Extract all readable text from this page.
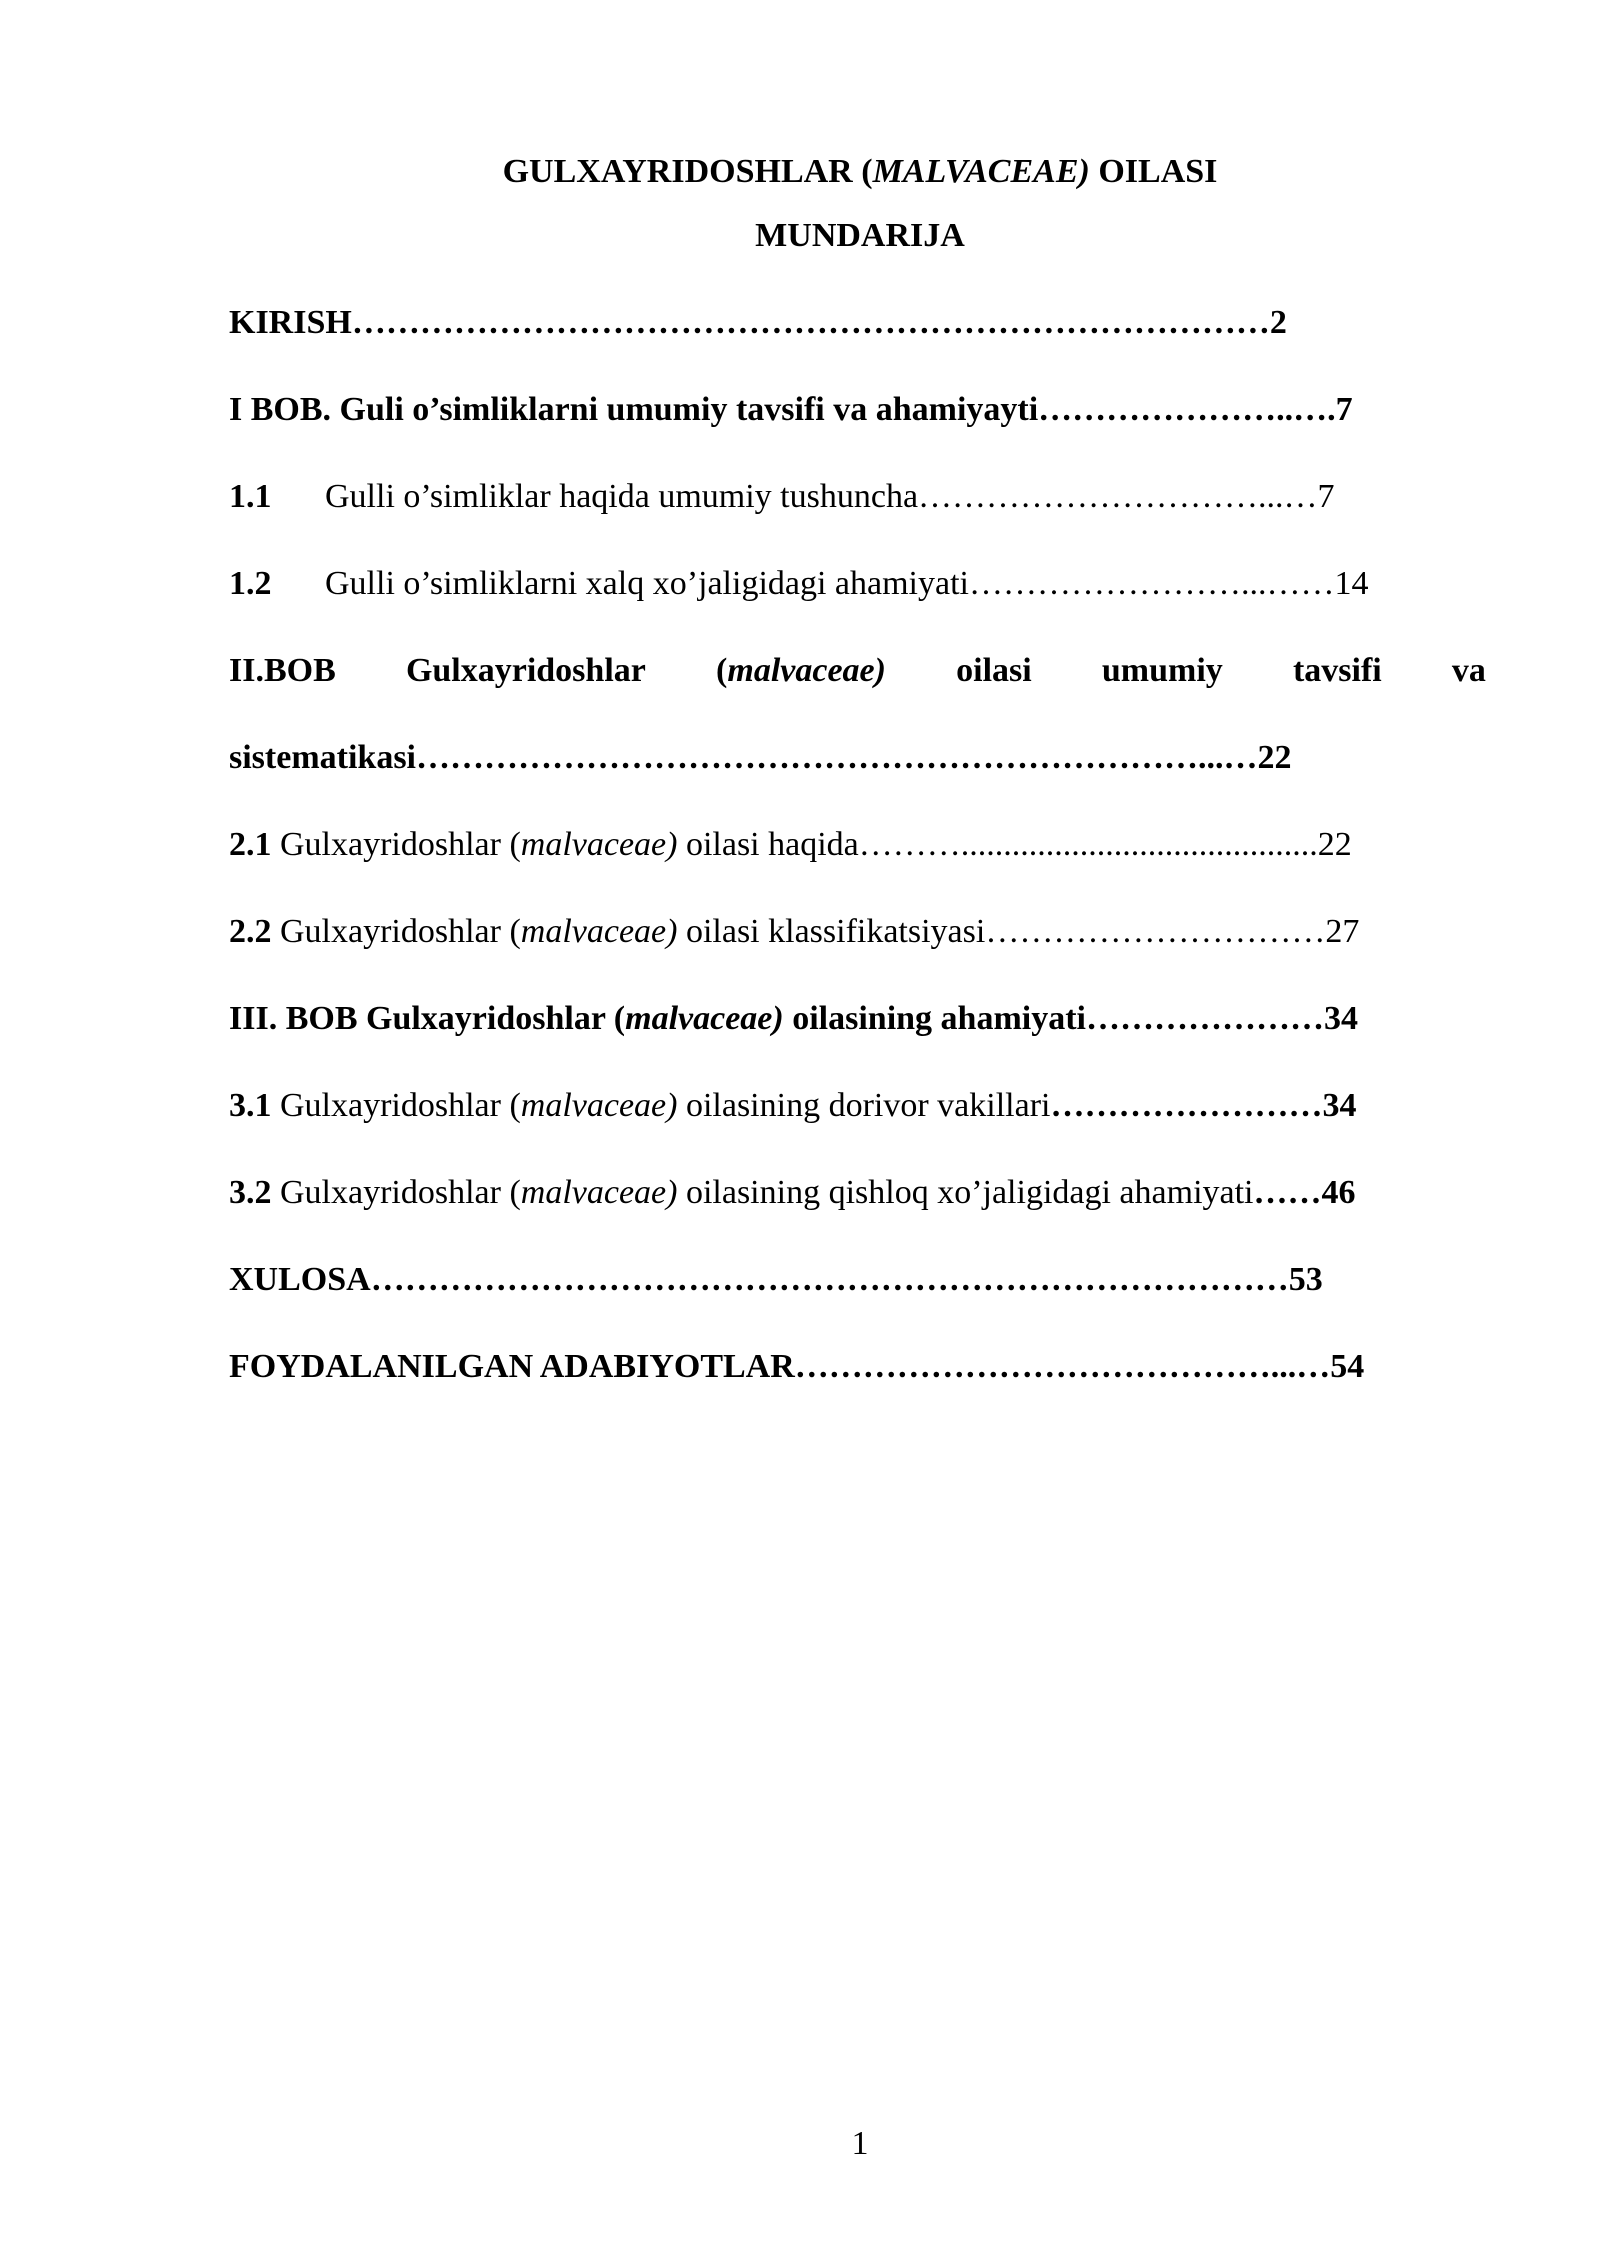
GULXAYRIDOSHLAR (MALVACEAE) OILASI
MUNDARIJA
KIRISH………………………………………………………………………2
I BOB. Guli o’simliklarni umumiy tavsifi va ahamiyayti…………………..….7
1.1 Gulli o’simliklar haqida umumiy tushuncha…………………………...…7
1.2 Gulli o’simliklarni xalq xo’jaligidagi ahamiyati……………………...……14
II.BOB Gulxayridoshlar (malvaceae) oilasi umumiy tavsifi va
sistematikasi……………………………………………………………...…22
2.1 Gulxayridoshlar (malvaceae) oilasi haqida………..........................................22
2.2 Gulxayridoshlar (malvaceae) oilasi klassifikatsiyasi…………………………27
III. BOB Gulxayridoshlar (malvaceae) oilasining ahamiyati…………………34
3.1 Gulxayridoshlar (malvaceae) oilasining dorivor vakillari……………………34
3.2 Gulxayridoshlar (malvaceae) oilasining qishloq xo’jaligidagi ahamiyati……46
XULOSA………………………………………………………………………53
FOYDALANILGAN ADABIYOTLAR……………………………………...…54
1
